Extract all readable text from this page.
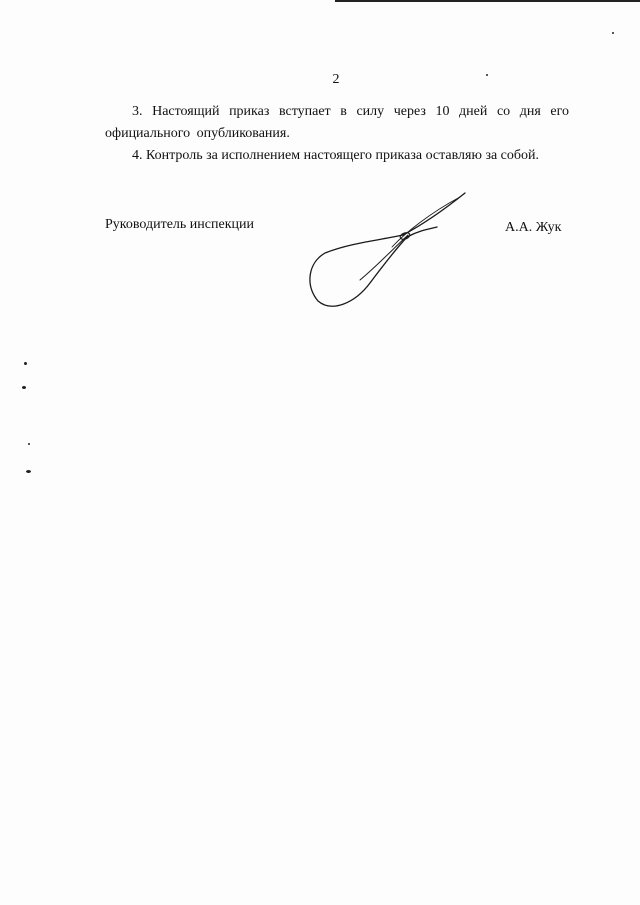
2
3. Настоящий приказ вступает в силу через 10 дней со дня его официального опубликования.
4. Контроль за исполнением настоящего приказа оставляю за собой.
Руководитель инспекции	А.А. Жук
